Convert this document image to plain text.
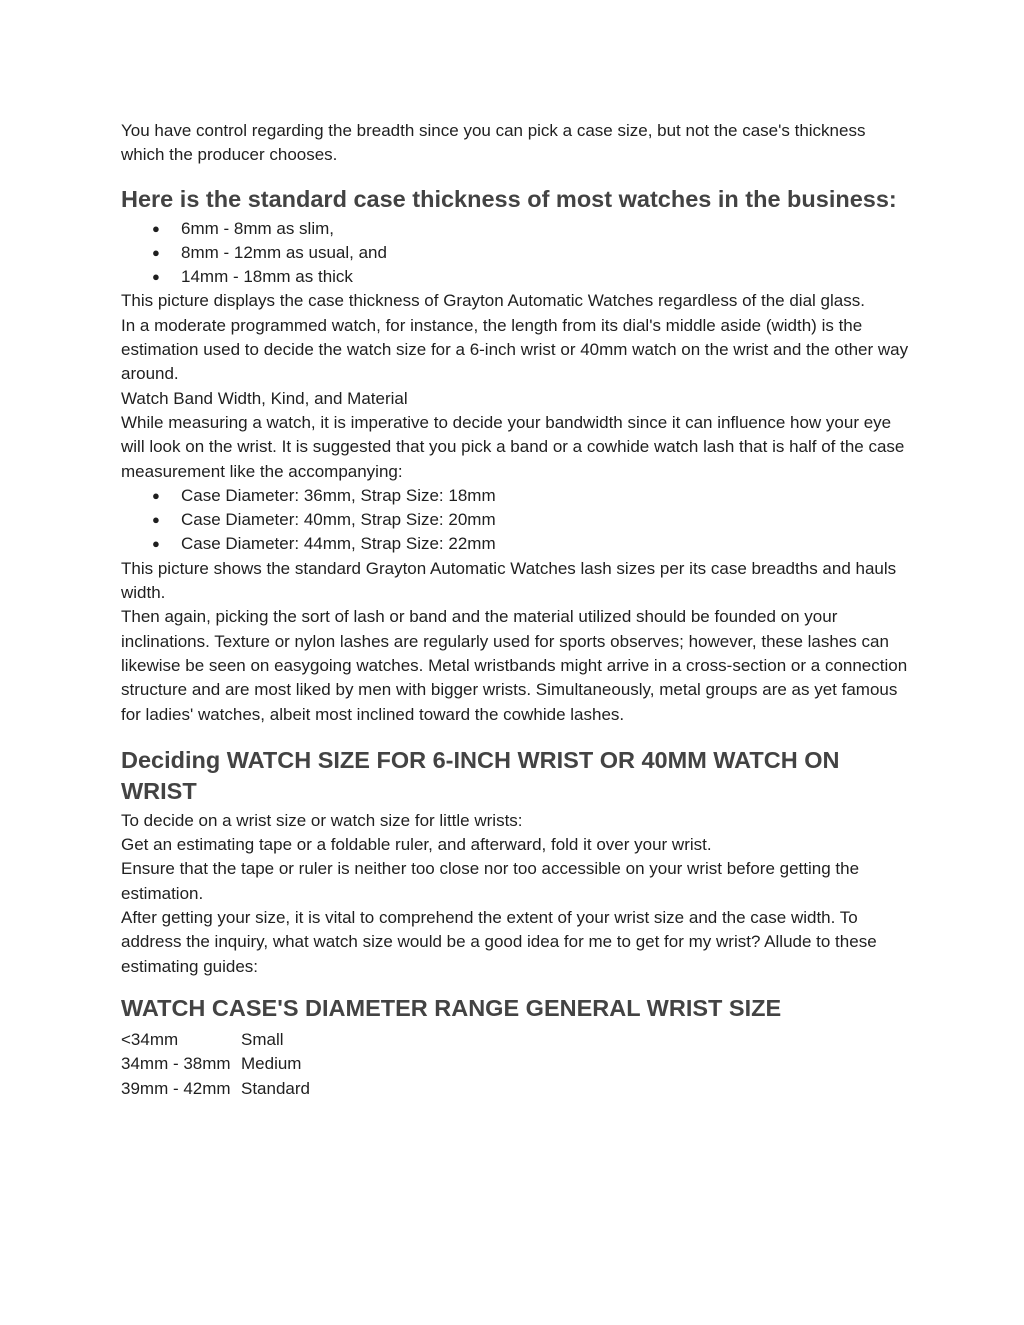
You have control regarding the breadth since you can pick a case size, but not the case's thickness which the producer chooses.

Here is the standard case thickness of most watches in the business:
● 6mm - 8mm as slim,
● 8mm - 12mm as usual, and
● 14mm - 18mm as thick

This picture displays the case thickness of Grayton Automatic Watches regardless of the dial glass.

In a moderate programmed watch, for instance, the length from its dial's middle aside (width) is the estimation used to decide the watch size for a 6-inch wrist or 40mm watch on the wrist and the other way around.

Watch Band Width, Kind, and Material

While measuring a watch, it is imperative to decide your bandwidth since it can influence how your eye will look on the wrist. It is suggested that you pick a band or a cowhide watch lash that is half of the case measurement like the accompanying:

● Case Diameter: 36mm, Strap Size: 18mm
● Case Diameter: 40mm, Strap Size: 20mm
● Case Diameter: 44mm, Strap Size: 22mm

This picture shows the standard Grayton Automatic Watches lash sizes per its case breadths and hauls width.

Then again, picking the sort of lash or band and the material utilized should be founded on your inclinations. Texture or nylon lashes are regularly used for sports observes; however, these lashes can likewise be seen on easygoing watches. Metal wristbands might arrive in a cross-section or a connection structure and are most liked by men with bigger wrists. Simultaneously, metal groups are as yet famous for ladies' watches, albeit most inclined toward the cowhide lashes.

Deciding WATCH SIZE FOR 6-INCH WRIST OR 40MM WATCH ON WRIST

To decide on a wrist size or watch size for little wrists:

Get an estimating tape or a foldable ruler, and afterward, fold it over your wrist.

Ensure that the tape or ruler is neither too close nor too accessible on your wrist before getting the estimation.

After getting your size, it is vital to comprehend the extent of your wrist size and the case width. To address the inquiry, what watch size would be a good idea for me to get for my wrist? Allude to these estimating guides:

WATCH CASE'S DIAMETER RANGE GENERAL WRIST SIZE
<34mm	Small
34mm - 38mm	Medium
39mm - 42mm	Standard
